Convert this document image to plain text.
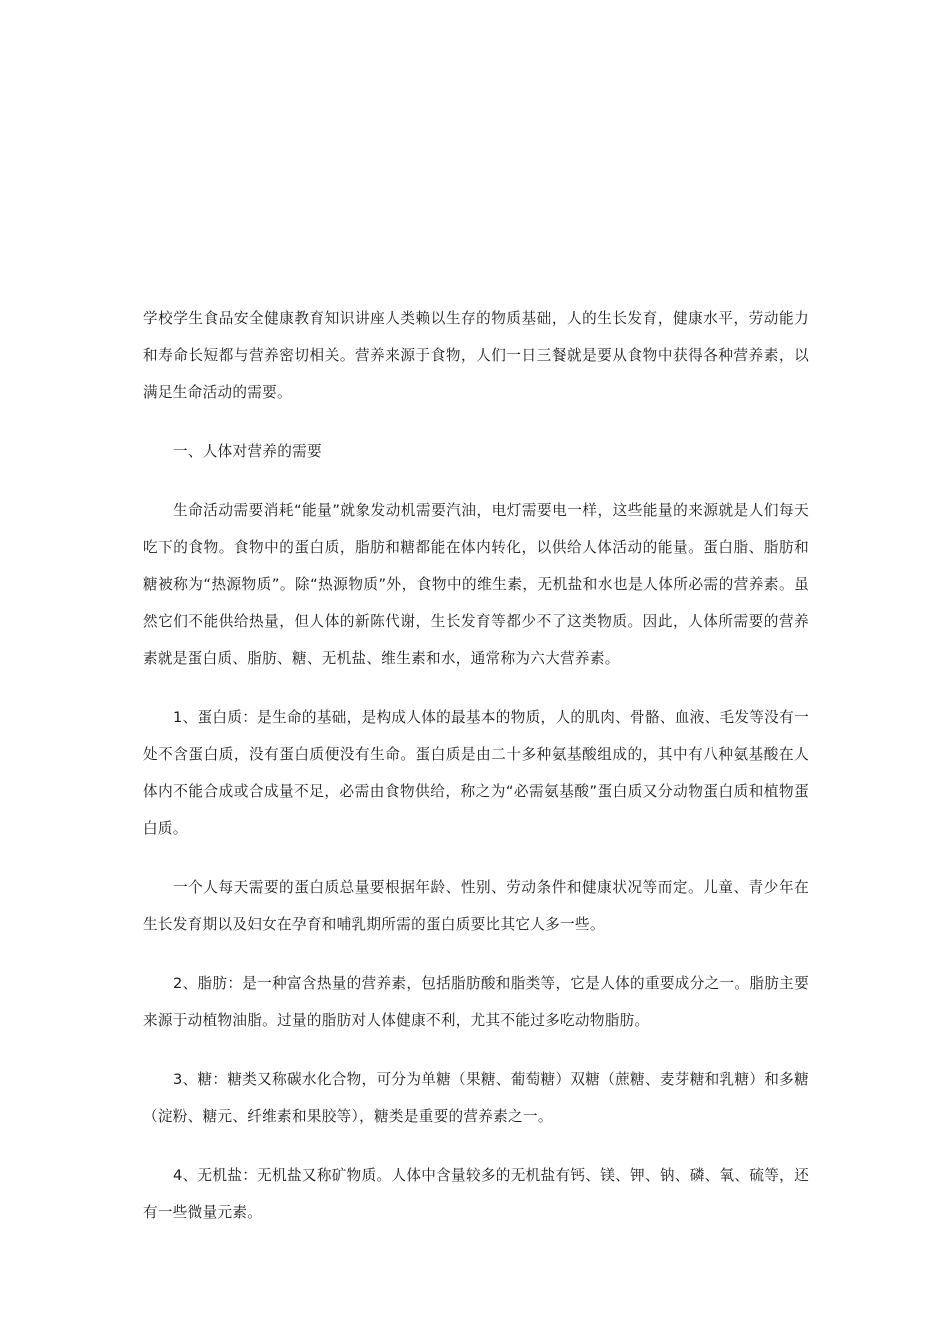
学校学生食品安全健康教育知识讲座人类赖以生存的物质基础，人的生长发育，健康水平，劳动能力和寿命长短都与营养密切相关。营养来源于食物，人们一日三餐就是要从食物中获得各种营养素，以满足生命活动的需要。

一、人体对营养的需要

生命活动需要消耗“能量”就象发动机需要汽油，电灯需要电一样，这些能量的来源就是人们每天吃下的食物。食物中的蛋白质，脂肪和糖都能在体内转化，以供给人体活动的能量。蛋白脂、脂肪和糖被称为“热源物质”。除“热源物质”外，食物中的维生素，无机盐和水也是人体所必需的营养素。虽然它们不能供给热量，但人体的新陈代谢，生长发育等都少不了这类物质。因此，人体所需要的营养素就是蛋白质、脂肪、糖、无机盐、维生素和水，通常称为六大营养素。

1、蛋白质：是生命的基础，是构成人体的最基本的物质，人的肌肉、骨骼、血液、毛发等没有一处不含蛋白质，没有蛋白质便没有生命。蛋白质是由二十多种氨基酸组成的，其中有八种氨基酸在人体内不能合成或合成量不足，必需由食物供给，称之为“必需氨基酸”蛋白质又分动物蛋白质和植物蛋白质。

一个人每天需要的蛋白质总量要根据年龄、性别、劳动条件和健康状况等而定。儿童、青少年在生长发育期以及妇女在孕育和哺乳期所需的蛋白质要比其它人多一些。

2、脂肪：是一种富含热量的营养素，包括脂肪酸和脂类等，它是人体的重要成分之一。脂肪主要来源于动植物油脂。过量的脂肪对人体健康不利，尤其不能过多吃动物脂肪。

3、糖：糖类又称碳水化合物，可分为单糖（果糖、葡萄糖）双糖（蔗糖、麦芽糖和乳糖）和多糖（淀粉、糖元、纤维素和果胶等），糖类是重要的营养素之一。

4、无机盐：无机盐又称矿物质。人体中含量较多的无机盐有钙、镁、钾、钠、磷、氧、硫等，还有一些微量元素。
